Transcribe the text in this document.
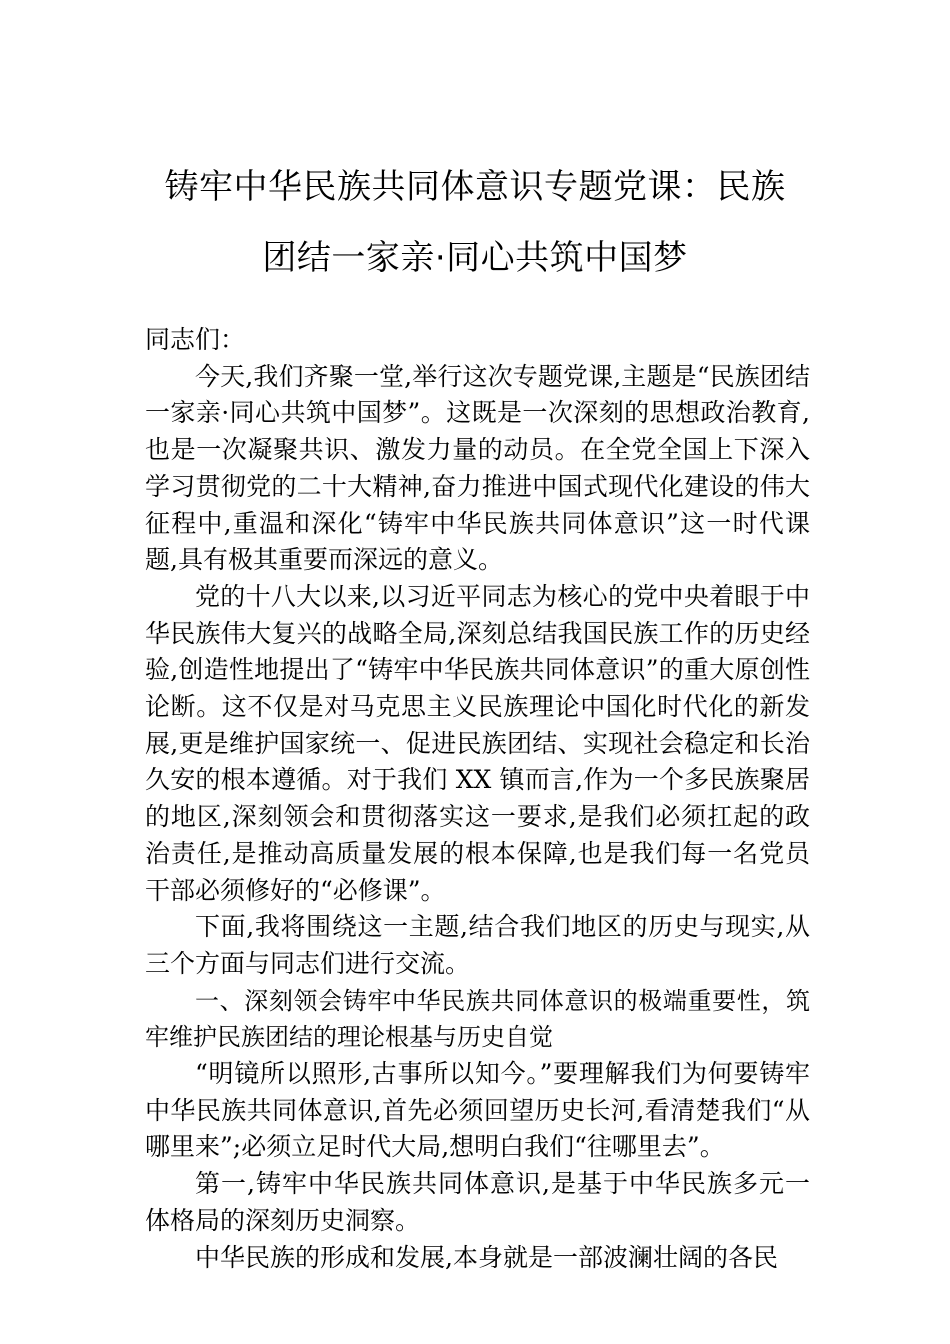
铸牢中华民族共同体意识专题党课：民族
团结一家亲·同心共筑中国梦

同志们：

今天,我们齐聚一堂,举行这次专题党课,主题是“民族团结一家亲·同心共筑中国梦”。这既是一次深刻的思想政治教育,也是一次凝聚共识、激发力量的动员。在全党全国上下深入学习贯彻党的二十大精神,奋力推进中国式现代化建设的伟大征程中,重温和深化“铸牢中华民族共同体意识”这一时代课题,具有极其重要而深远的意义。

党的十八大以来,以习近平同志为核心的党中央着眼于中华民族伟大复兴的战略全局,深刻总结我国民族工作的历史经验,创造性地提出了“铸牢中华民族共同体意识”的重大原创性论断。这不仅是对马克思主义民族理论中国化时代化的新发展,更是维护国家统一、促进民族团结、实现社会稳定和长治久安的根本遵循。对于我们 XX 镇而言,作为一个多民族聚居的地区,深刻领会和贯彻落实这一要求,是我们必须扛起的政治责任,是推动高质量发展的根本保障,也是我们每一名党员干部必须修好的“必修课”。

下面,我将围绕这一主题,结合我们地区的历史与现实,从三个方面与同志们进行交流。

一、深刻领会铸牢中华民族共同体意识的极端重要性，筑牢维护民族团结的理论根基与历史自觉

“明镜所以照形,古事所以知今。”要理解我们为何要铸牢中华民族共同体意识,首先必须回望历史长河,看清楚我们“从哪里来”;必须立足时代大局,想明白我们“往哪里去”。

第一,铸牢中华民族共同体意识,是基于中华民族多元一体格局的深刻历史洞察。

中华民族的形成和发展,本身就是一部波澜壮阔的各民
